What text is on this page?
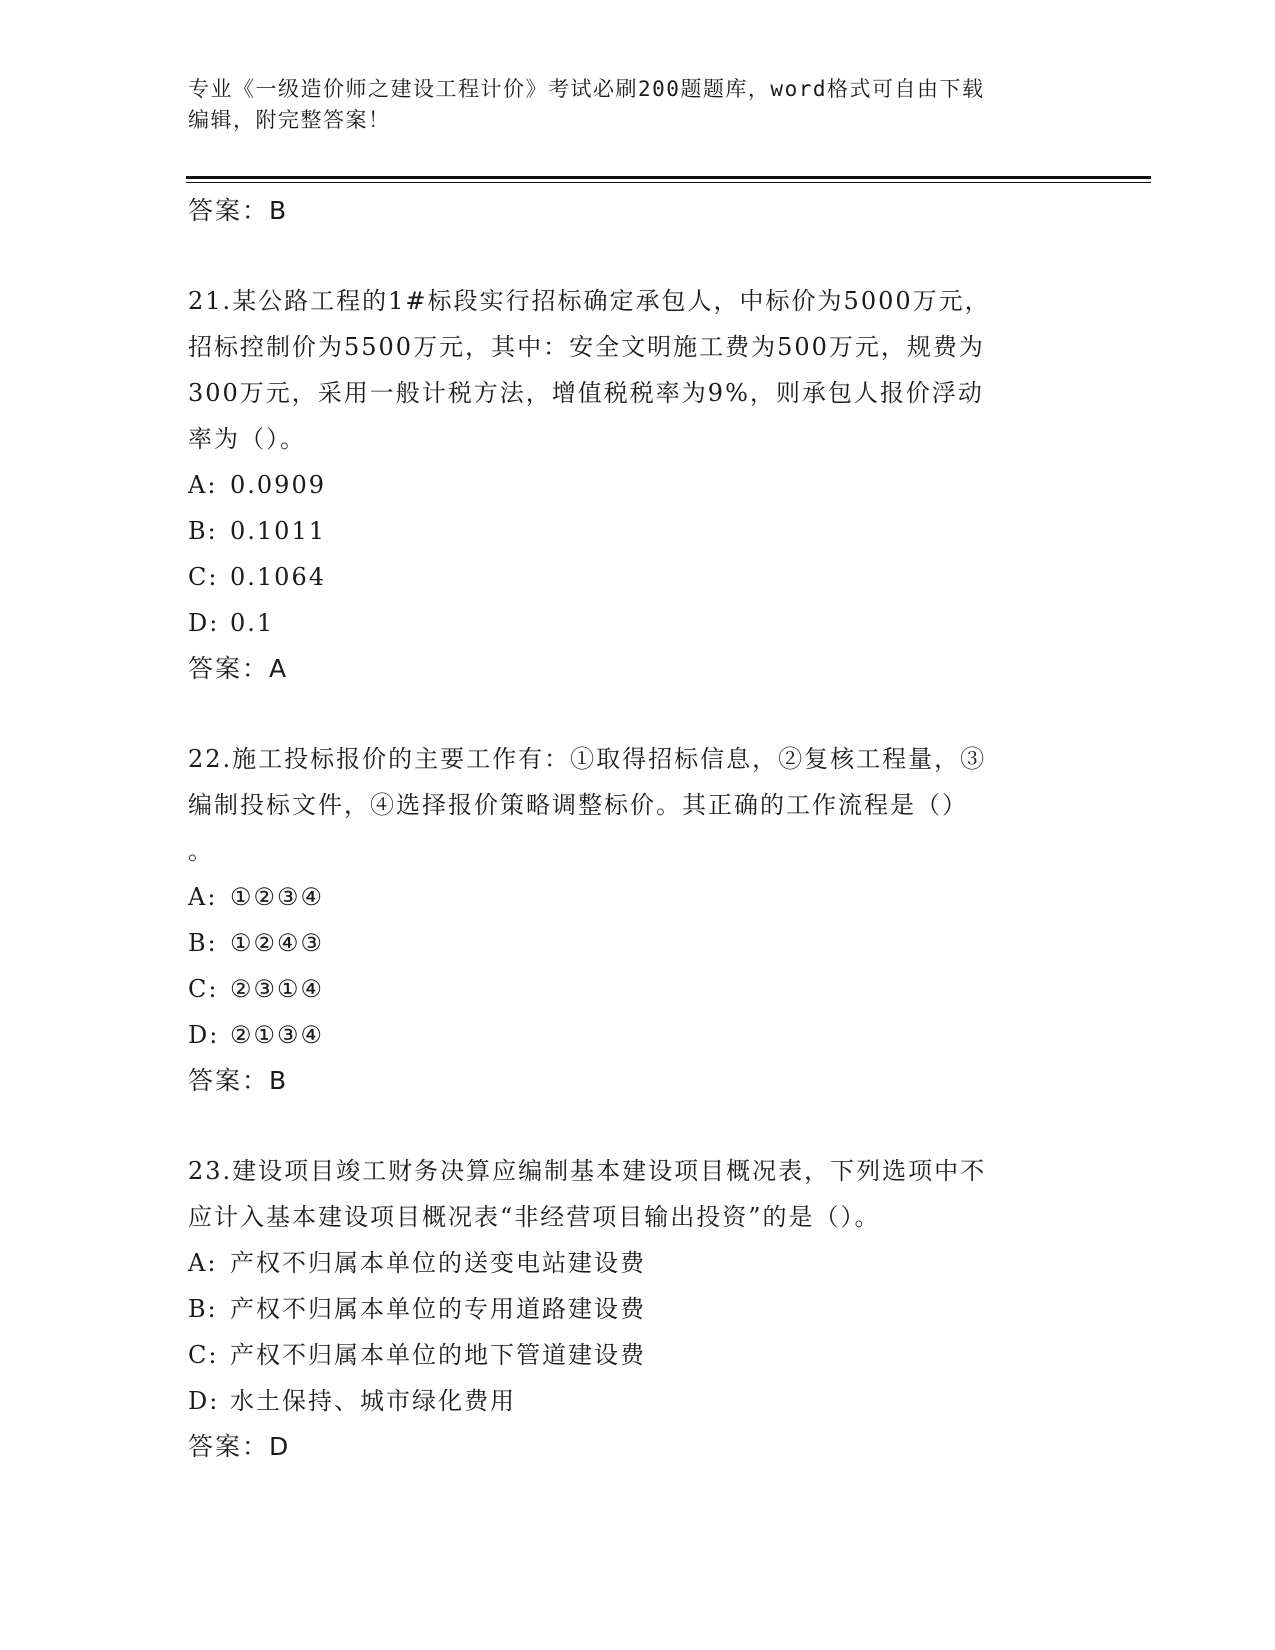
专业《一级造价师之建设工程计价》考试必刷200题题库，word格式可自由下载
编辑，附完整答案！
答案：B
21.某公路工程的1#标段实行招标确定承包人，中标价为5000万元，
招标控制价为5500万元，其中：安全文明施工费为500万元，规费为
300万元，采用一般计税方法，增值税税率为9%，则承包人报价浮动
率为（）。
A: 0.0909
B: 0.1011
C: 0.1064
D: 0.1
答案：A
22.施工投标报价的主要工作有：①取得招标信息，②复核工程量，③
编制投标文件，④选择报价策略调整标价。其正确的工作流程是（）
。
A: ①②③④
B: ①②④③
C: ②③①④
D: ②①③④
答案：B
23.建设项目竣工财务决算应编制基本建设项目概况表，下列选项中不
应计入基本建设项目概况表“非经营项目输出投资”的是（）。
A: 产权不归属本单位的送变电站建设费
B: 产权不归属本单位的专用道路建设费
C: 产权不归属本单位的地下管道建设费
D: 水土保持、城市绿化费用
答案：D
